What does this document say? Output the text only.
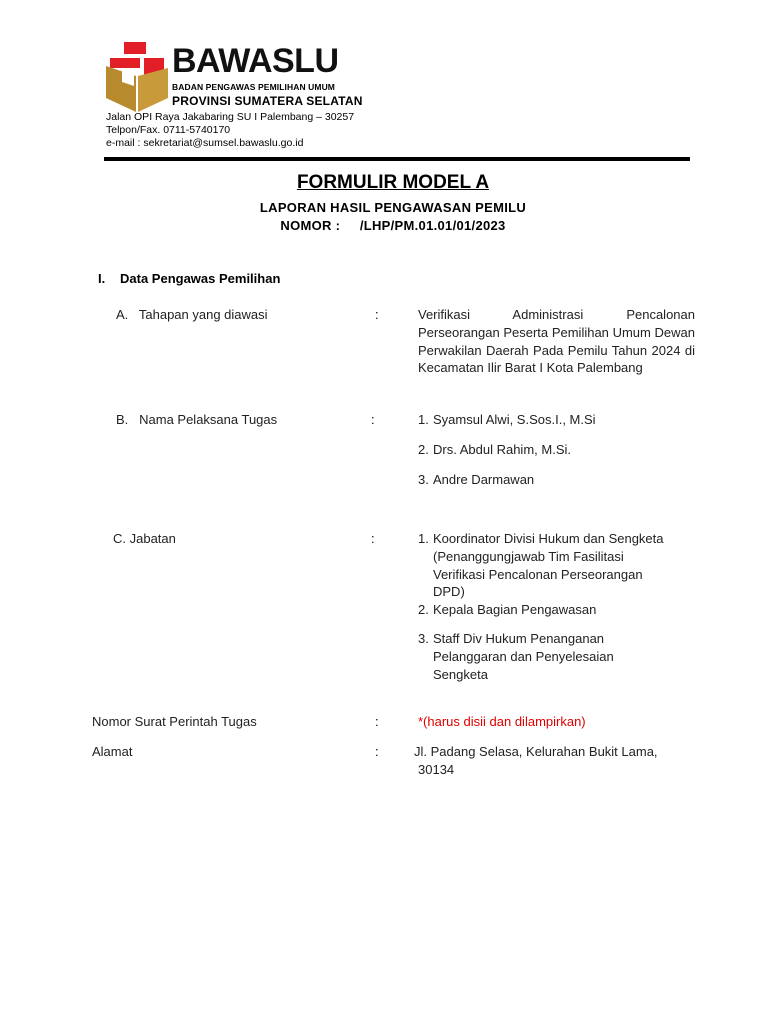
BAWASLU
BADAN PENGAWAS PEMILIHAN UMUM
PROVINSI SUMATERA SELATAN
Jalan OPI Raya Jakabaring SU I Palembang – 30257
Telpon/Fax. 0711-5740170
e-mail : sekretariat@sumsel.bawaslu.go.id
FORMULIR MODEL A
LAPORAN HASIL PENGAWASAN PEMILU
NOMOR :     /LHP/PM.01.01/01/2023
I. Data Pengawas Pemilihan
A.   Tahapan yang diawasi	:	Verifikasi Administrasi Pencalonan Perseorangan Peserta Pemilihan Umum Dewan Perwakilan Daerah Pada Pemilu Tahun 2024 di Kecamatan Ilir Barat I Kota Palembang
B.   Nama Pelaksana Tugas	:	1. Syamsul Alwi, S.Sos.I., M.Si
2. Drs. Abdul Rahim, M.Si.
3. Andre Darmawan
C. Jabatan	:	1. Koordinator Divisi Hukum dan Sengketa
(Penanggungjawab Tim Fasilitasi
Verifikasi Pencalonan Perseorangan
DPD)
2. Kepala Bagian Pengawasan
3. Staff Div Hukum Penanganan
Pelanggaran dan Penyelesaian
Sengketa
Nomor Surat Perintah Tugas	:	*(harus disii dan dilampirkan)
Alamat	:	Jl. Padang Selasa, Kelurahan Bukit Lama,
30134
